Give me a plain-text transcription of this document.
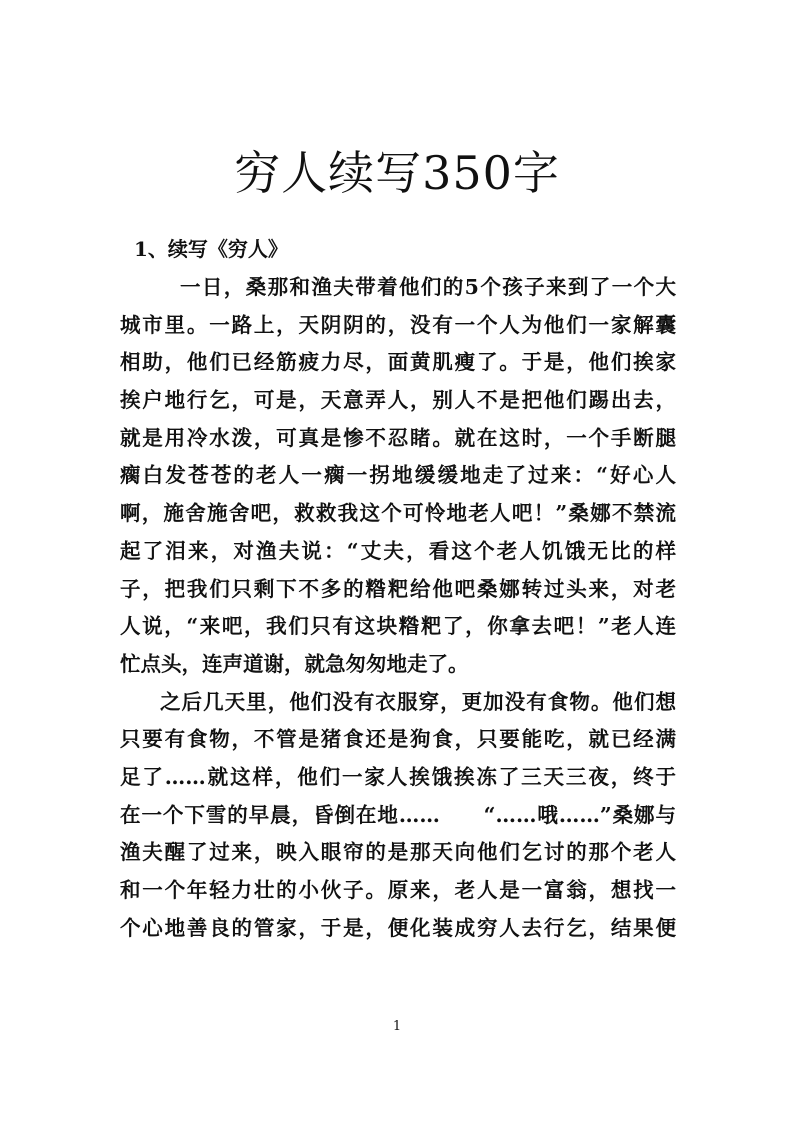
穷人续写350字
1、续写《穷人》
一日，桑那和渔夫带着他们的5个孩子来到了一个大
城市里。一路上，天阴阴的，没有一个人为他们一家解囊
相助，他们已经筋疲力尽，面黄肌瘦了。于是，他们挨家
挨户地行乞，可是，天意弄人，别人不是把他们踢出去，
就是用冷水泼，可真是惨不忍睹。就在这时，一个手断腿
瘸白发苍苍的老人一瘸一拐地缓缓地走了过来：“好心人
啊，施舍施舍吧，救救我这个可怜地老人吧！”桑娜不禁流
起了泪来，对渔夫说：“丈夫，看这个老人饥饿无比的样
子，把我们只剩下不多的糌粑给他吧桑娜转过头来，对老
人说，“来吧，我们只有这块糌粑了，你拿去吧！”老人连
忙点头，连声道谢，就急匆匆地走了。
之后几天里，他们没有衣服穿，更加没有食物。他们想
只要有食物，不管是猪食还是狗食，只要能吃，就已经满
足了……就这样，他们一家人挨饿挨冻了三天三夜，终于
在一个下雪的早晨，昏倒在地……　　“……哦……”桑娜与
渔夫醒了过来，映入眼帘的是那天向他们乞讨的那个老人
和一个年轻力壮的小伙子。原来，老人是一富翁，想找一
个心地善良的管家，于是，便化装成穷人去行乞，结果便
1
